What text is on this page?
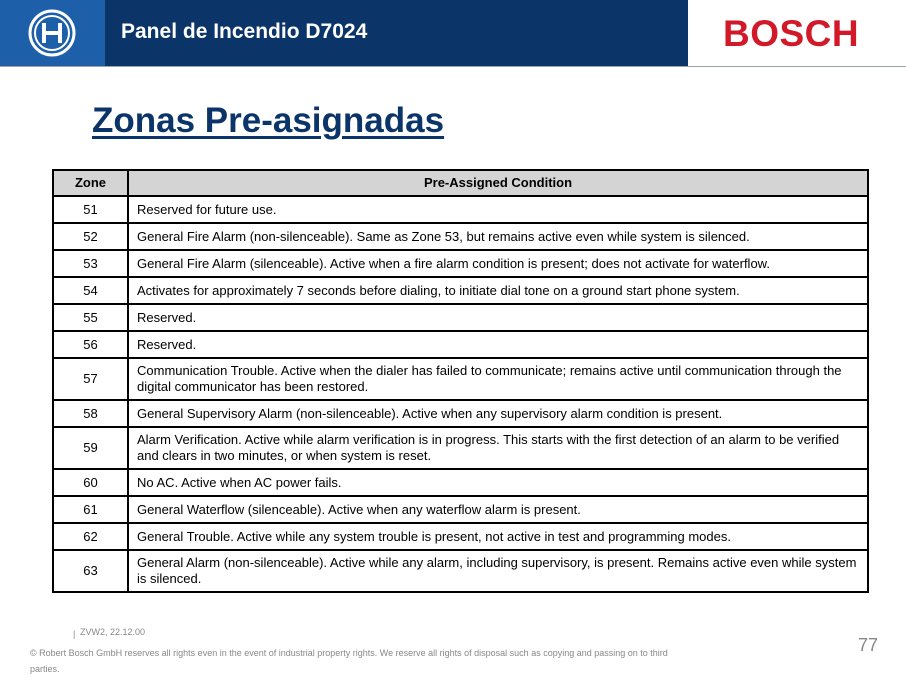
Panel de Incendio D7024	BOSCH
Zonas Pre-asignadas
Zone	Pre-Assigned Condition
51	Reserved for future use.
52	General Fire Alarm (non-silenceable). Same as Zone 53, but remains active even while system is silenced.
53	General Fire Alarm (silenceable). Active when a fire alarm condition is present; does not activate for waterflow.
54	Activates for approximately 7 seconds before dialing, to initiate dial tone on a ground start phone system.
55	Reserved.
56	Reserved.
57	Communication Trouble. Active when the dialer has failed to communicate; remains active until communication through the digital communicator has been restored.
58	General Supervisory Alarm (non-silenceable). Active when any supervisory alarm condition is present.
59	Alarm Verification. Active while alarm verification is in progress. This starts with the first detection of an alarm to be verified and clears in two minutes, or when system is reset.
60	No AC. Active when AC power fails.
61	General Waterflow (silenceable). Active when any waterflow alarm is present.
62	General Trouble. Active while any system trouble is present, not active in test and programming modes.
63	General Alarm (non-silenceable). Active while any alarm, including supervisory, is present. Remains active even while system is silenced.
| ZVW2, 22.12.00
© Robert Bosch GmbH reserves all rights even in the event of industrial property rights. We reserve all rights of disposal such as copying and passing on to third parties.
77
